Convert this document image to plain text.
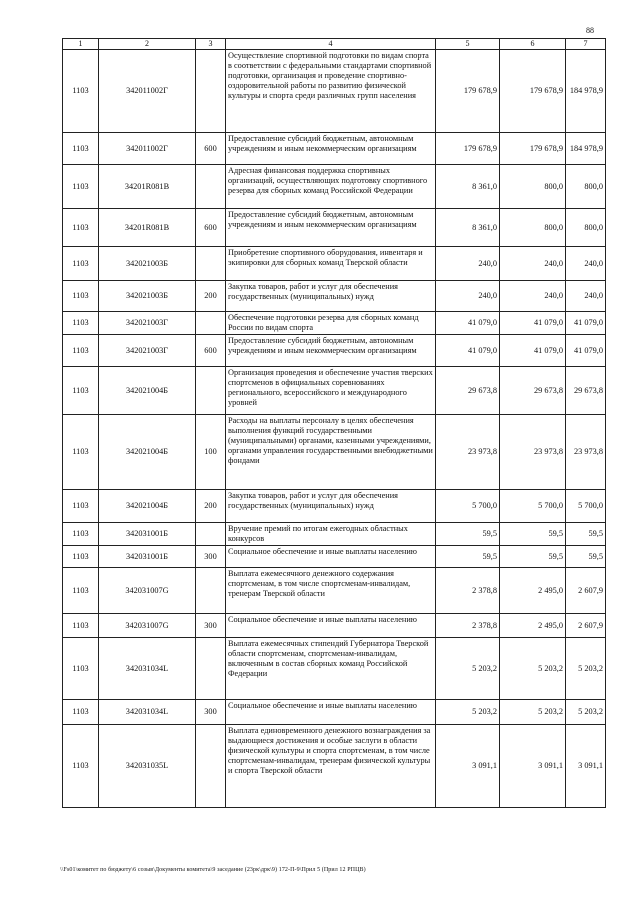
88
1	2	3	4	5	6	7
1103	342011002Г		Осуществление спортивной подготовки по видам спорта в соответствии с федеральными стандартами спортивной подготовки, организация и проведение спортивно-оздоровительной работы по развитию физической культуры и спорта среди различных групп населения	179 678,9	179 678,9	184 978,9
1103	342011002Г	600	Предоставление субсидий бюджетным, автономным учреждениям и иным некоммерческим организациям	179 678,9	179 678,9	184 978,9
1103	34201R081В		Адресная финансовая поддержка спортивных организаций, осуществляющих подготовку спортивного резерва для сборных команд Российской Федерации	8 361,0	800,0	800,0
1103	34201R081В	600	Предоставление субсидий бюджетным, автономным учреждениям и иным некоммерческим организациям	8 361,0	800,0	800,0
1103	342021003Б		Приобретение спортивного оборудования, инвентаря и экипировки для сборных команд Тверской области	240,0	240,0	240,0
1103	342021003Б	200	Закупка товаров, работ и услуг для обеспечения государственных (муниципальных) нужд	240,0	240,0	240,0
1103	342021003Г		Обеспечение подготовки резерва для сборных команд России по видам спорта	41 079,0	41 079,0	41 079,0
1103	342021003Г	600	Предоставление субсидий бюджетным, автономным учреждениям и иным некоммерческим организациям	41 079,0	41 079,0	41 079,0
1103	342021004Б		Организация проведения и обеспечение участия тверских спортсменов в официальных соревнованиях регионального, всероссийского и международного уровней	29 673,8	29 673,8	29 673,8
1103	342021004Б	100	Расходы на выплаты персоналу в целях обеспечения выполнения функций государственными (муниципальными) органами, казенными учреждениями, органами управления государственными внебюджетными фондами	23 973,8	23 973,8	23 973,8
1103	342021004Б	200	Закупка товаров, работ и услуг для обеспечения государственных (муниципальных) нужд	5 700,0	5 700,0	5 700,0
1103	342031001Б		Вручение премий по итогам ежегодных областных конкурсов	59,5	59,5	59,5
1103	342031001Б	300	Социальное обеспечение и иные выплаты населению	59,5	59,5	59,5
1103	342031007G		Выплата ежемесячного денежного содержания спортсменам, в том числе спортсменам-инвалидам, тренерам Тверской области	2 378,8	2 495,0	2 607,9
1103	342031007G	300	Социальное обеспечение и иные выплаты населению	2 378,8	2 495,0	2 607,9
1103	342031034L		Выплата ежемесячных стипендий Губернатора Тверской области спортсменам, спортсменам-инвалидам, включенным в состав сборных команд Российской Федерации	5 203,2	5 203,2	5 203,2
1103	342031034L	300	Социальное обеспечение и иные выплаты населению	5 203,2	5 203,2	5 203,2
1103	342031035L		Выплата единовременного денежного вознаграждения за выдающиеся достижения и особые заслуги в области физической культуры и спорта спортсменам, в том числе спортсменам-инвалидам, тренерам физической культуры и спорта Тверской области	3 091,1	3 091,1	3 091,1
\\Fs01\комитет по бюджету\6 созыв\Документы комитета\9 заседание (23рк\дрк\9) 172-П-9\Прил 5 (Прил 12 РПЦВ)
